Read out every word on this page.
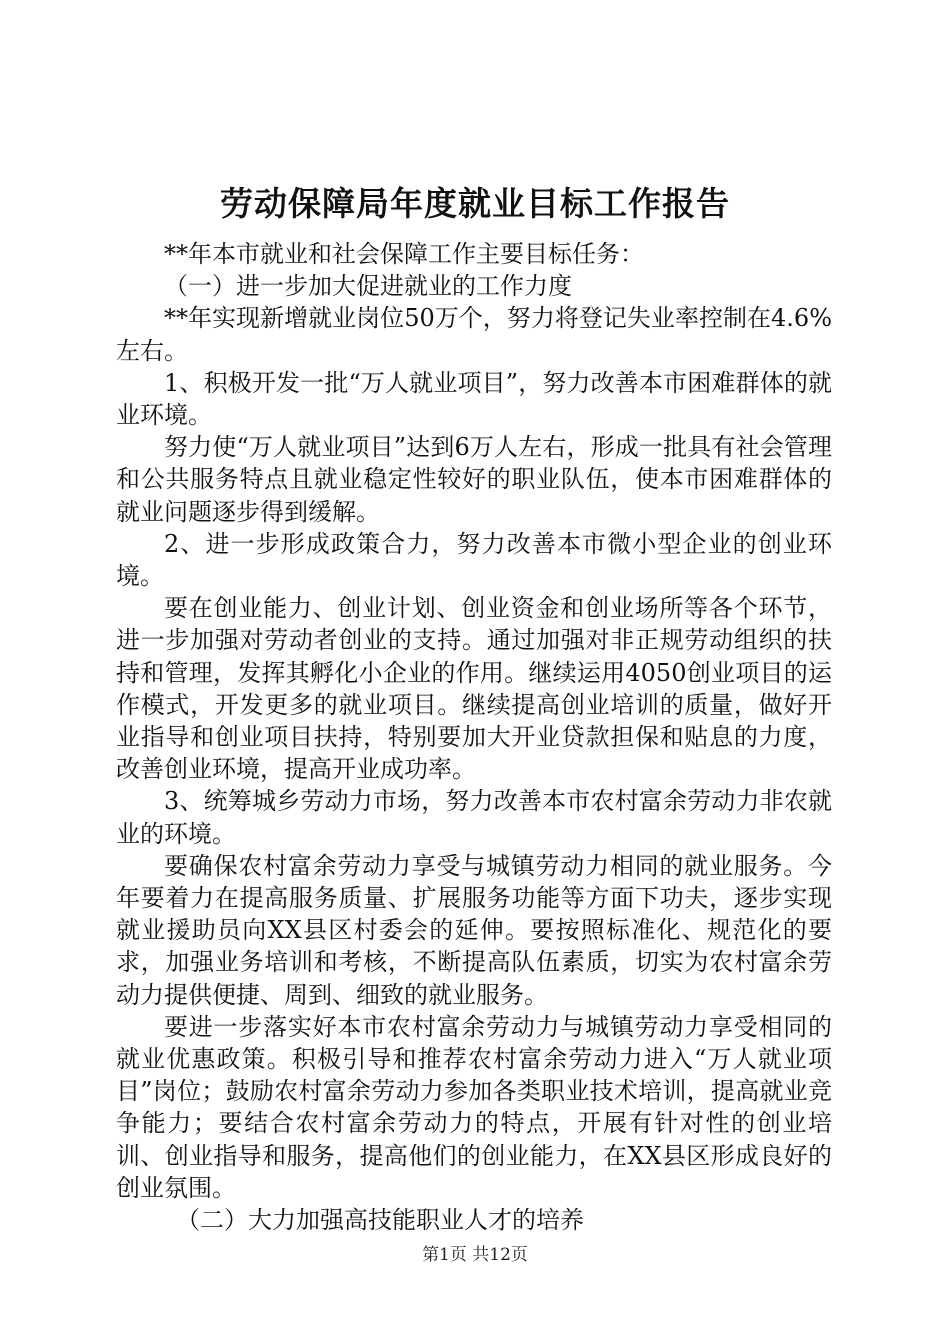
劳动保障局年度就业目标工作报告

**年本市就业和社会保障工作主要目标任务：

（一）进一步加大促进就业的工作力度

**年实现新增就业岗位50万个，努力将登记失业率控制在4.6%左右。

1、积极开发一批“万人就业项目”，努力改善本市困难群体的就业环境。

努力使“万人就业项目”达到6万人左右，形成一批具有社会管理和公共服务特点且就业稳定性较好的职业队伍，使本市困难群体的就业问题逐步得到缓解。

2、进一步形成政策合力，努力改善本市微小型企业的创业环境。

要在创业能力、创业计划、创业资金和创业场所等各个环节，进一步加强对劳动者创业的支持。通过加强对非正规劳动组织的扶持和管理，发挥其孵化小企业的作用。继续运用4050创业项目的运作模式，开发更多的就业项目。继续提高创业培训的质量，做好开业指导和创业项目扶持，特别要加大开业贷款担保和贴息的力度，改善创业环境，提高开业成功率。

3、统筹城乡劳动力市场，努力改善本市农村富余劳动力非农就业的环境。

要确保农村富余劳动力享受与城镇劳动力相同的就业服务。今年要着力在提高服务质量、扩展服务功能等方面下功夫，逐步实现就业援助员向XX县区村委会的延伸。要按照标准化、规范化的要求，加强业务培训和考核，不断提高队伍素质，切实为农村富余劳动力提供便捷、周到、细致的就业服务。

要进一步落实好本市农村富余劳动力与城镇劳动力享受相同的就业优惠政策。积极引导和推荐农村富余劳动力进入“万人就业项目”岗位；鼓励农村富余劳动力参加各类职业技术培训，提高就业竞争能力；要结合农村富余劳动力的特点，开展有针对性的创业培训、创业指导和服务，提高他们的创业能力，在XX县区形成良好的创业氛围。

（二）大力加强高技能职业人才的培养

第1页 共12页
